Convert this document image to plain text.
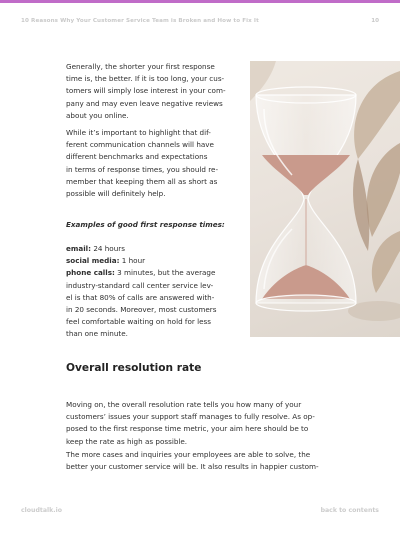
10 Reasons Why Your Customer Service Team is Broken and How to Fix It	10
Generally, the shorter your first response
time is, the better. If it is too long, your cus-
tomers will simply lose interest in your com-
pany and may even leave negative reviews
about you online.
While it’s important to highlight that dif-
ferent communication channels will have
different benchmarks and expectations
in terms of response times, you should re-
member that keeping them all as short as
possible will definitely help.
Examples of good first response times:
email: 24 hours
social media: 1 hour
phone calls: 3 minutes, but the average
industry-standard call center service lev-
el is that 80% of calls are answered with-
in 20 seconds. Moreover, most customers
feel comfortable waiting on hold for less
than one minute.
Overall resolution rate
Moving on, the overall resolution rate tells you how many of your
customers’ issues your support staff manages to fully resolve. As op-
posed to the first response time metric, your aim here should be to
keep the rate as high as possible.
The more cases and inquiries your employees are able to solve, the
better your customer service will be. It also results in happier custom-
cloudtalk.io	back to contents
